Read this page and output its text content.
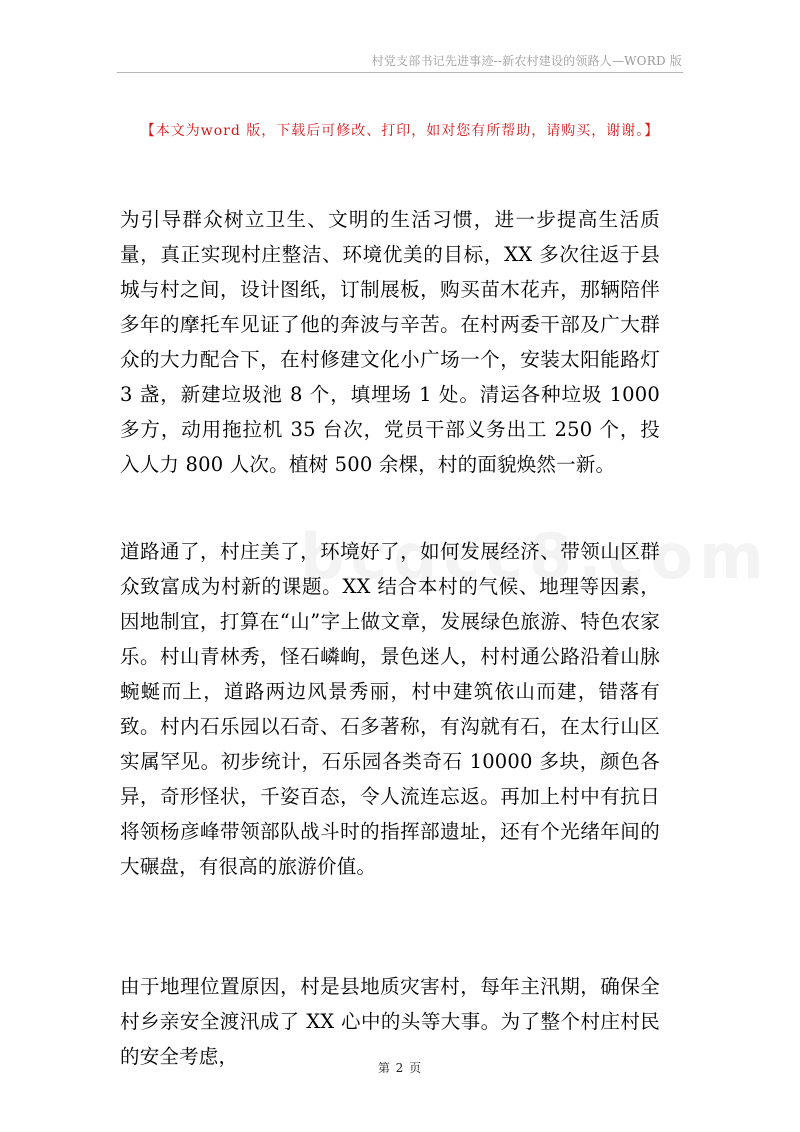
村党支部书记先进事迹--新农村建设的领路人—WORD 版
【本文为word 版，下载后可修改、打印，如对您有所帮助，请购买，谢谢。】

为引导群众树立卫生、文明的生活习惯，进一步提高生活质量，真正实现村庄整洁、环境优美的目标，XX 多次往返于县城与村之间，设计图纸，订制展板，购买苗木花卉，那辆陪伴多年的摩托车见证了他的奔波与辛苦。在村两委干部及广大群众的大力配合下，在村修建文化小广场一个，安装太阳能路灯 3 盏，新建垃圾池 8 个，填埋场 1 处。清运各种垃圾 1000 多方，动用拖拉机 35 台次，党员干部义务出工 250 个，投入人力 800 人次。植树 500 余棵，村的面貌焕然一新。

道路通了，村庄美了，环境好了，如何发展经济、带领山区群众致富成为村新的课题。XX 结合本村的气候、地理等因素，因地制宜，打算在“山”字上做文章，发展绿色旅游、特色农家乐。村山青林秀，怪石嶙峋，景色迷人，村村通公路沿着山脉蜿蜒而上，道路两边风景秀丽，村中建筑依山而建，错落有致。村内石乐园以石奇、石多著称，有沟就有石，在太行山区实属罕见。初步统计，石乐园各类奇石 10000 多块，颜色各异，奇形怪状，千姿百态，令人流连忘返。再加上村中有抗日将领杨彦峰带领部队战斗时的指挥部遗址，还有个光绪年间的大碾盘，有很高的旅游价值。

由于地理位置原因，村是县地质灾害村，每年主汛期，确保全村乡亲安全渡汛成了 XX 心中的头等大事。为了整个村庄村民的安全考虑，	第 2 页
